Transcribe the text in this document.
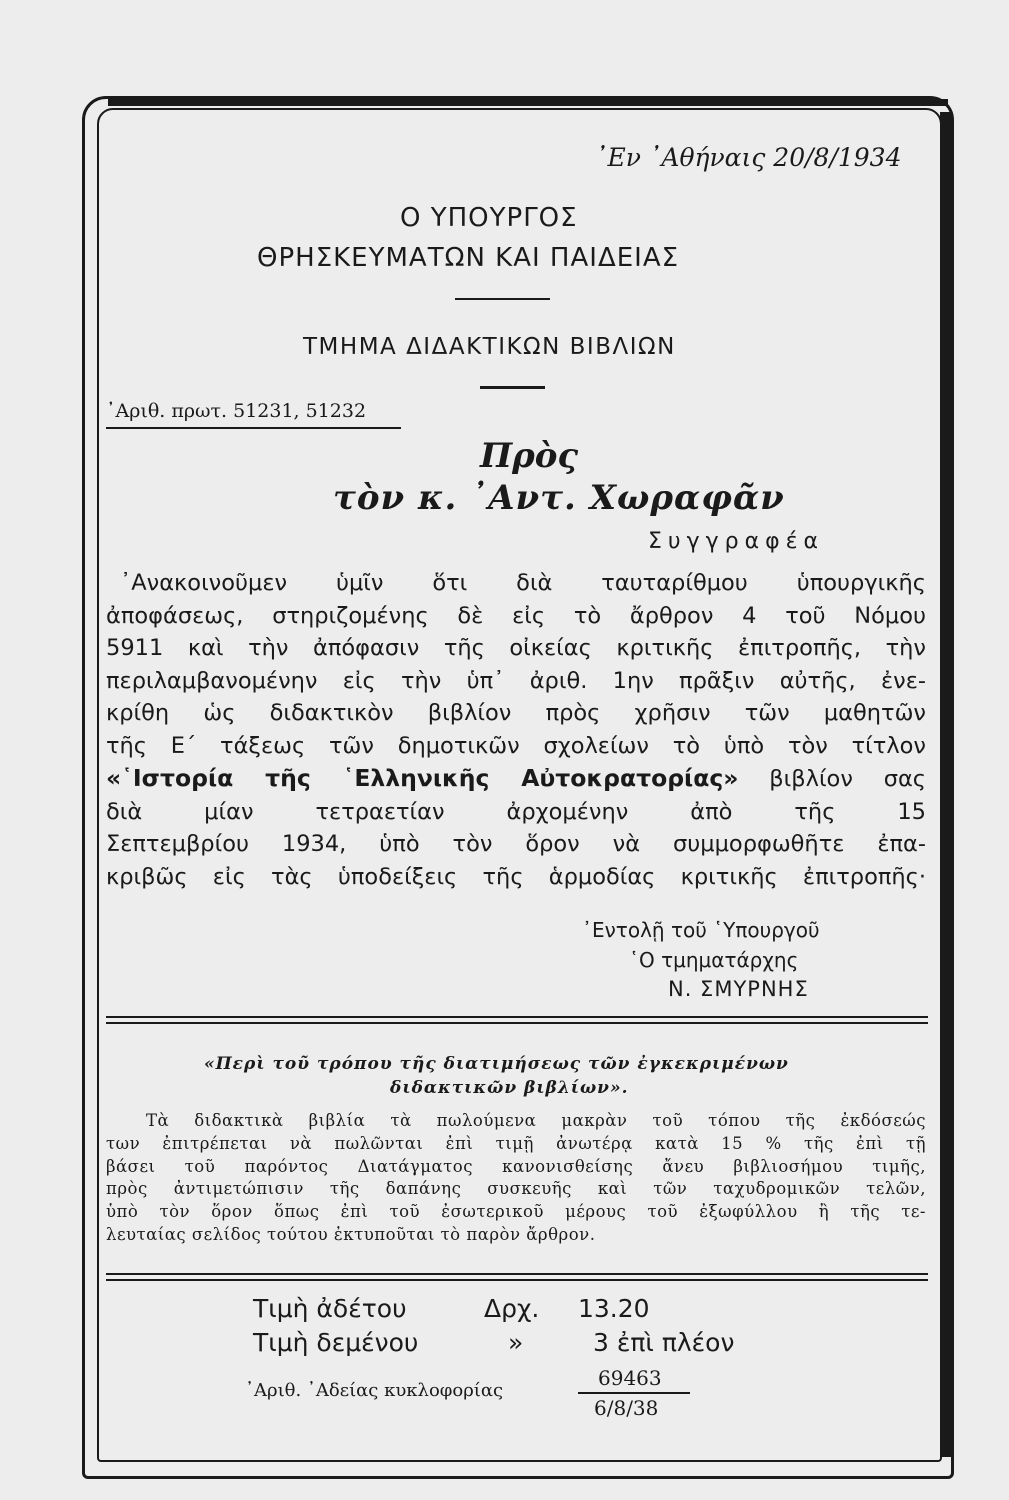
᾽Εν ᾽Αθήναις 20/8/1934
Ο ΥΠΟΥΡΓΟΣ
ΘΡΗΣΚΕΥΜΑΤΩΝ ΚΑΙ ΠΑΙΔΕΙΑΣ
ΤΜΗΜΑ ΔΙΔΑΚΤΙΚΩΝ ΒΙΒΛΙΩΝ
᾽Αριθ. πρωτ. 51231, 51232
Πρὸς
τὸν κ. ᾽Αντ. Χωραφᾶν
Συγγραφέα
᾽Ανακοινοῦμεν ὑμῖν ὅτι διὰ ταυταρίθμου ὑπουργικῆς
ἀποφάσεως, στηριζομένης δὲ εἰς τὸ ἄρθρον 4 τοῦ Νόμου
5911 καὶ τὴν ἀπόφασιν τῆς οἰκείας κριτικῆς ἐπιτροπῆς, τὴν
περιλαμβανομένην εἰς τὴν ὑπ᾽ ἀριθ. 1ην πρᾶξιν αὐτῆς, ἐνε-
κρίθη ὡς διδακτικὸν βιβλίον πρὸς χρῆσιν τῶν μαθητῶν
τῆς Ε΄ τάξεως τῶν δημοτικῶν σχολείων τὸ ὑπὸ τὸν τίτλον
«῾Ιστορία τῆς ῾Ελληνικῆς Αὐτοκρατορίας» βιβλίον σας
διὰ μίαν τετραετίαν ἀρχομένην ἀπὸ τῆς 15
Σεπτεμβρίου 1934, ὑπὸ τὸν ὅρον νὰ συμμορφωθῆτε ἐπα-
κριβῶς εἰς τὰς ὑποδείξεις τῆς ἁρμοδίας κριτικῆς ἐπιτροπῆς·
᾽Εντολῇ τοῦ ῾Υπουργοῦ
῾Ο τμηματάρχης
Ν. ΣΜΥΡΝΗΣ
«Περὶ τοῦ τρόπου τῆς διατιμήσεως τῶν ἐγκεκριμένων
διδακτικῶν βιβλίων».
Τὰ διδακτικὰ βιβλία τὰ πωλούμενα μακρὰν τοῦ τόπου τῆς ἐκδόσεώς
των ἐπιτρέπεται νὰ πωλῶνται ἐπὶ τιμῇ ἀνωτέρᾳ κατὰ 15 % τῆς ἐπὶ τῇ
βάσει τοῦ παρόντος Διατάγματος κανονισθείσης ἄνευ βιβλιοσήμου τιμῆς,
πρὸς ἀντιμετώπισιν τῆς δαπάνης συσκευῆς καὶ τῶν ταχυδρομικῶν τελῶν,
ὑπὸ τὸν ὅρον ὅπως ἐπὶ τοῦ ἐσωτερικοῦ μέρους τοῦ ἐξωφύλλου ἢ τῆς τε-
λευταίας σελίδος τούτου ἐκτυποῦται τὸ παρὸν ἄρθρον.
Τιμὴ ἀδέτου	Δρχ. 13.20
Τιμὴ δεμένου	»	3 ἐπὶ πλέον
᾽Αριθ. ᾽Αδείας κυκλοφορίας
69463
6/8/38
